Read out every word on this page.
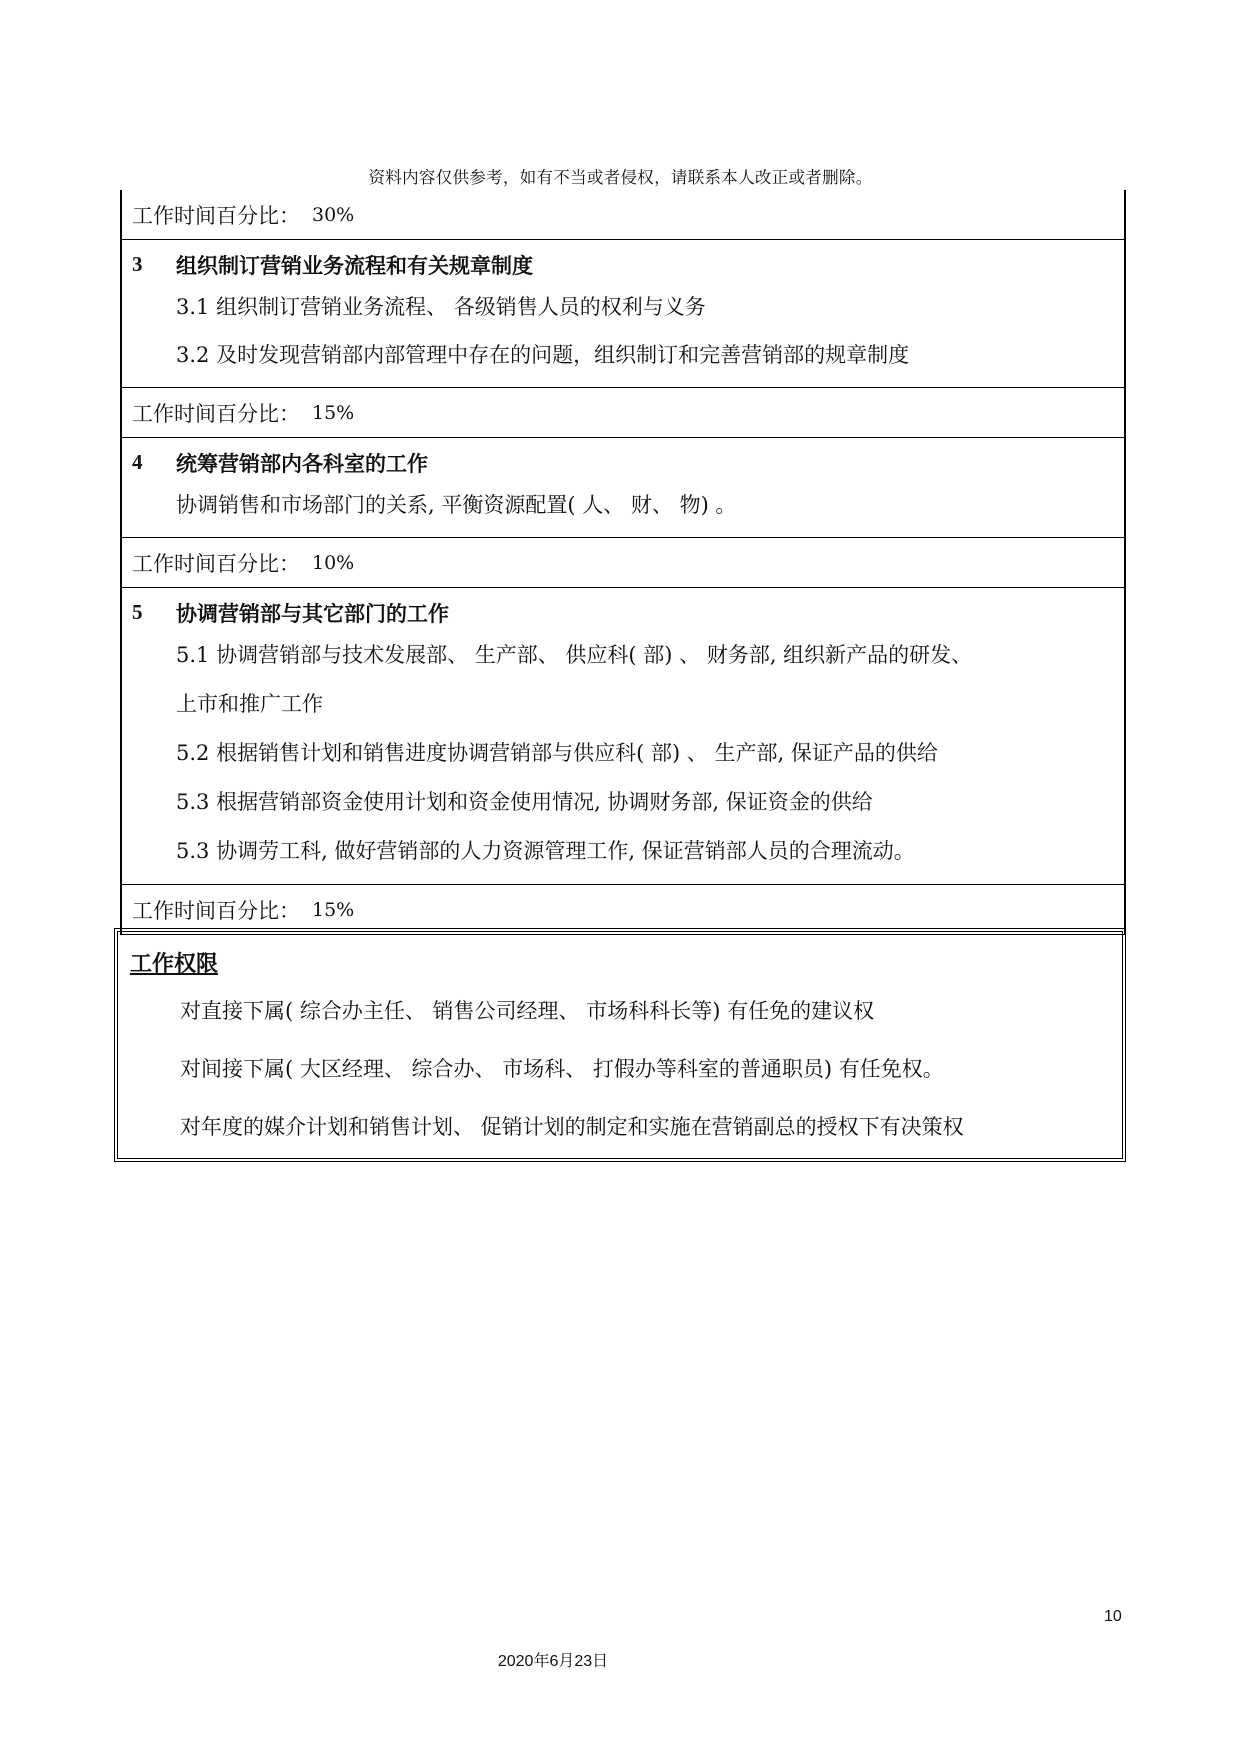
资料内容仅供参考，如有不当或者侵权，请联系本人改正或者删除。
工作时间百分比： 30%
3	组织制订营销业务流程和有关规章制度
3.1 组织制订营销业务流程、 各级销售人员的权利与义务
3.2 及时发现营销部内部管理中存在的问题，组织制订和完善营销部的规章制度
工作时间百分比： 15%
4	统筹营销部内各科室的工作
协调销售和市场部门的关系, 平衡资源配置( 人、 财、 物) 。
工作时间百分比： 10%
5	协调营销部与其它部门的工作
5.1 协调营销部与技术发展部、 生产部、 供应科( 部) 、 财务部, 组织新产品的研发、
上市和推广工作
5.2 根据销售计划和销售进度协调营销部与供应科( 部) 、 生产部, 保证产品的供给
5.3 根据营销部资金使用计划和资金使用情况, 协调财务部, 保证资金的供给
5.3 协调劳工科, 做好营销部的人力资源管理工作, 保证营销部人员的合理流动。
工作时间百分比： 15%
工作权限
对直接下属( 综合办主任、 销售公司经理、 市场科科长等) 有任免的建议权
对间接下属( 大区经理、 综合办、 市场科、 打假办等科室的普通职员) 有任免权。
对年度的媒介计划和销售计划、 促销计划的制定和实施在营销副总的授权下有决策权
10
2020年6月23日
